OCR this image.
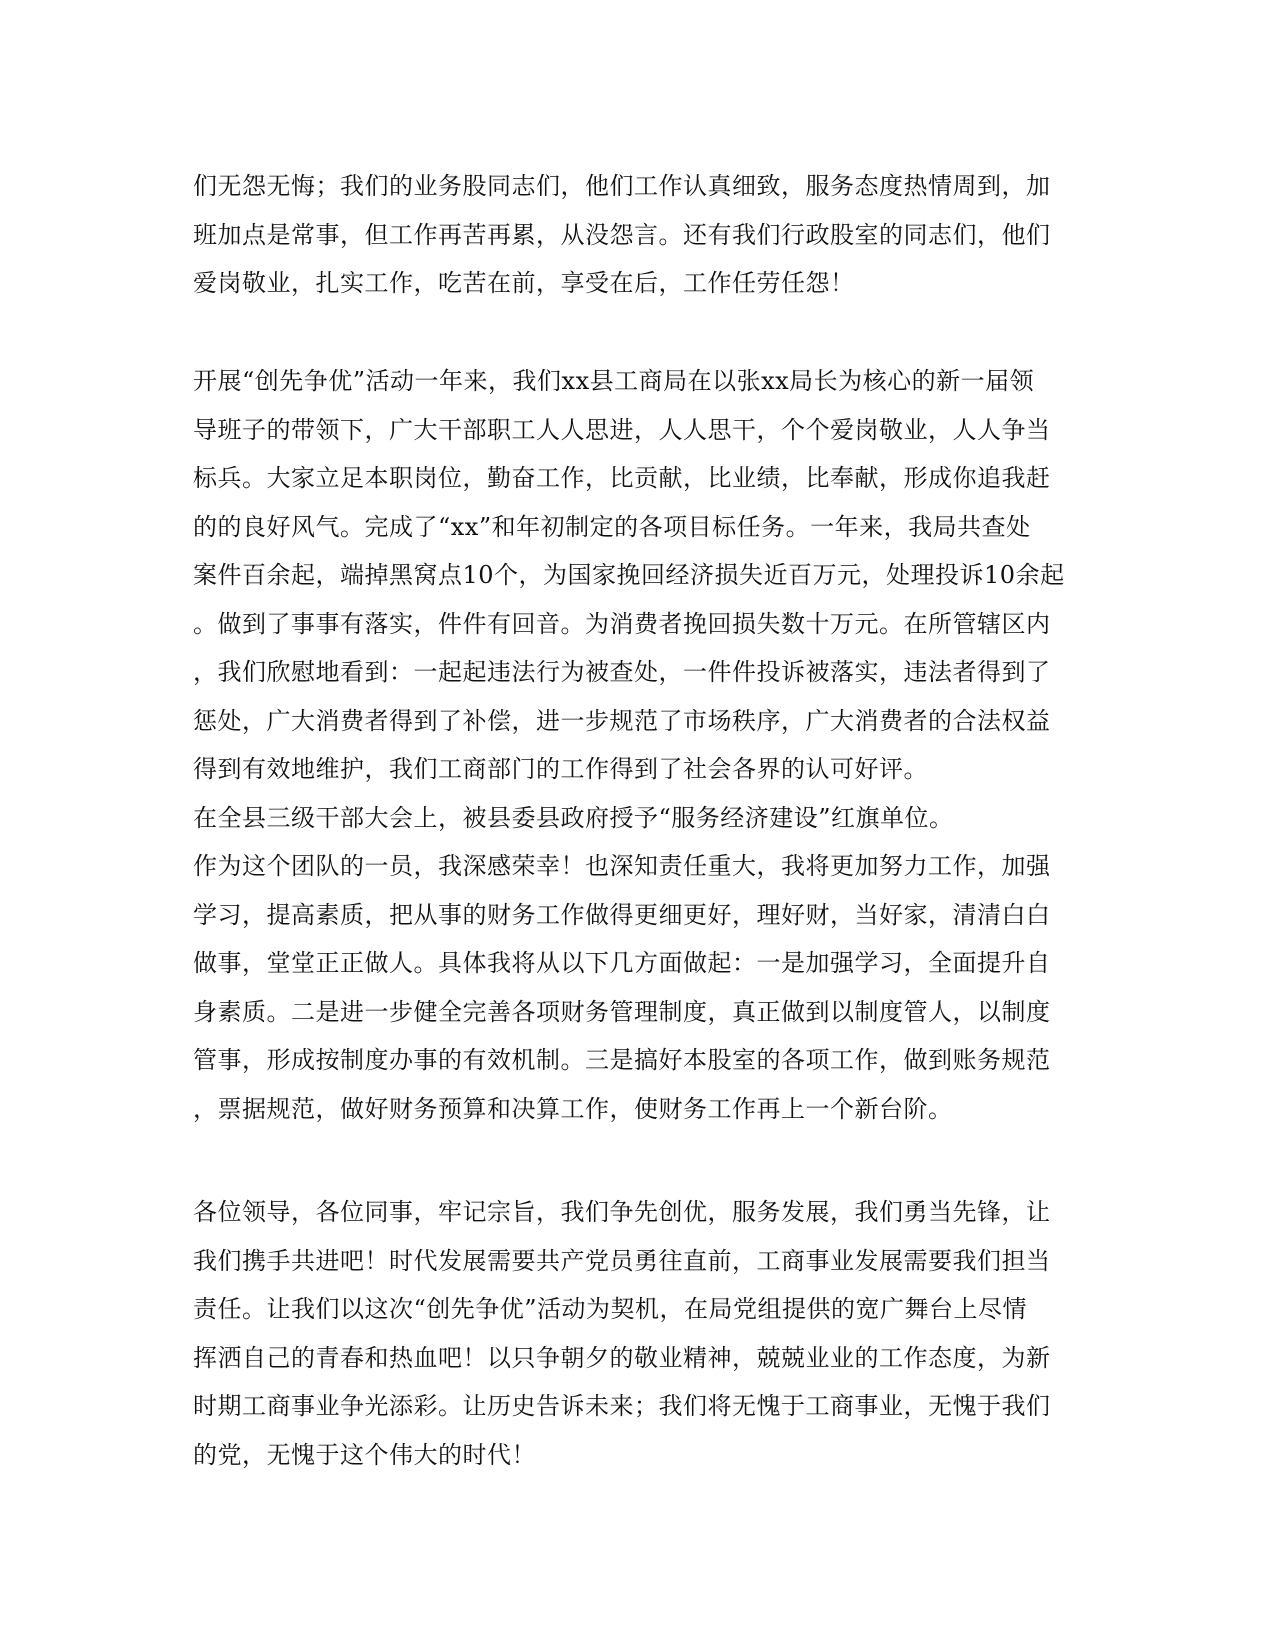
们无怨无悔；我们的业务股同志们，他们工作认真细致，服务态度热情周到，加
班加点是常事，但工作再苦再累，从没怨言。还有我们行政股室的同志们，他们
爱岗敬业，扎实工作，吃苦在前，享受在后，工作任劳任怨！
开展“创先争优”活动一年来，我们xx县工商局在以张xx局长为核心的新一届领
导班子的带领下，广大干部职工人人思进，人人思干，个个爱岗敬业，人人争当
标兵。大家立足本职岗位，勤奋工作，比贡献，比业绩，比奉献，形成你追我赶
的的良好风气。完成了“xx”和年初制定的各项目标任务。一年来，我局共查处
案件百余起，端掉黑窝点10个，为国家挽回经济损失近百万元，处理投诉10余起
。做到了事事有落实，件件有回音。为消费者挽回损失数十万元。在所管辖区内
，我们欣慰地看到：一起起违法行为被查处，一件件投诉被落实，违法者得到了
惩处，广大消费者得到了补偿，进一步规范了市场秩序，广大消费者的合法权益
得到有效地维护，我们工商部门的工作得到了社会各界的认可好评。
在全县三级干部大会上，被县委县政府授予“服务经济建设”红旗单位。
作为这个团队的一员，我深感荣幸！也深知责任重大，我将更加努力工作，加强
学习，提高素质，把从事的财务工作做得更细更好，理好财，当好家，清清白白
做事，堂堂正正做人。具体我将从以下几方面做起：一是加强学习，全面提升自
身素质。二是进一步健全完善各项财务管理制度，真正做到以制度管人，以制度
管事，形成按制度办事的有效机制。三是搞好本股室的各项工作，做到账务规范
，票据规范，做好财务预算和决算工作，使财务工作再上一个新台阶。
各位领导，各位同事，牢记宗旨，我们争先创优，服务发展，我们勇当先锋，让
我们携手共进吧！时代发展需要共产党员勇往直前，工商事业发展需要我们担当
责任。让我们以这次“创先争优”活动为契机，在局党组提供的宽广舞台上尽情
挥洒自己的青春和热血吧！以只争朝夕的敬业精神，兢兢业业的工作态度，为新
时期工商事业争光添彩。让历史告诉未来；我们将无愧于工商事业，无愧于我们
的党，无愧于这个伟大的时代！
